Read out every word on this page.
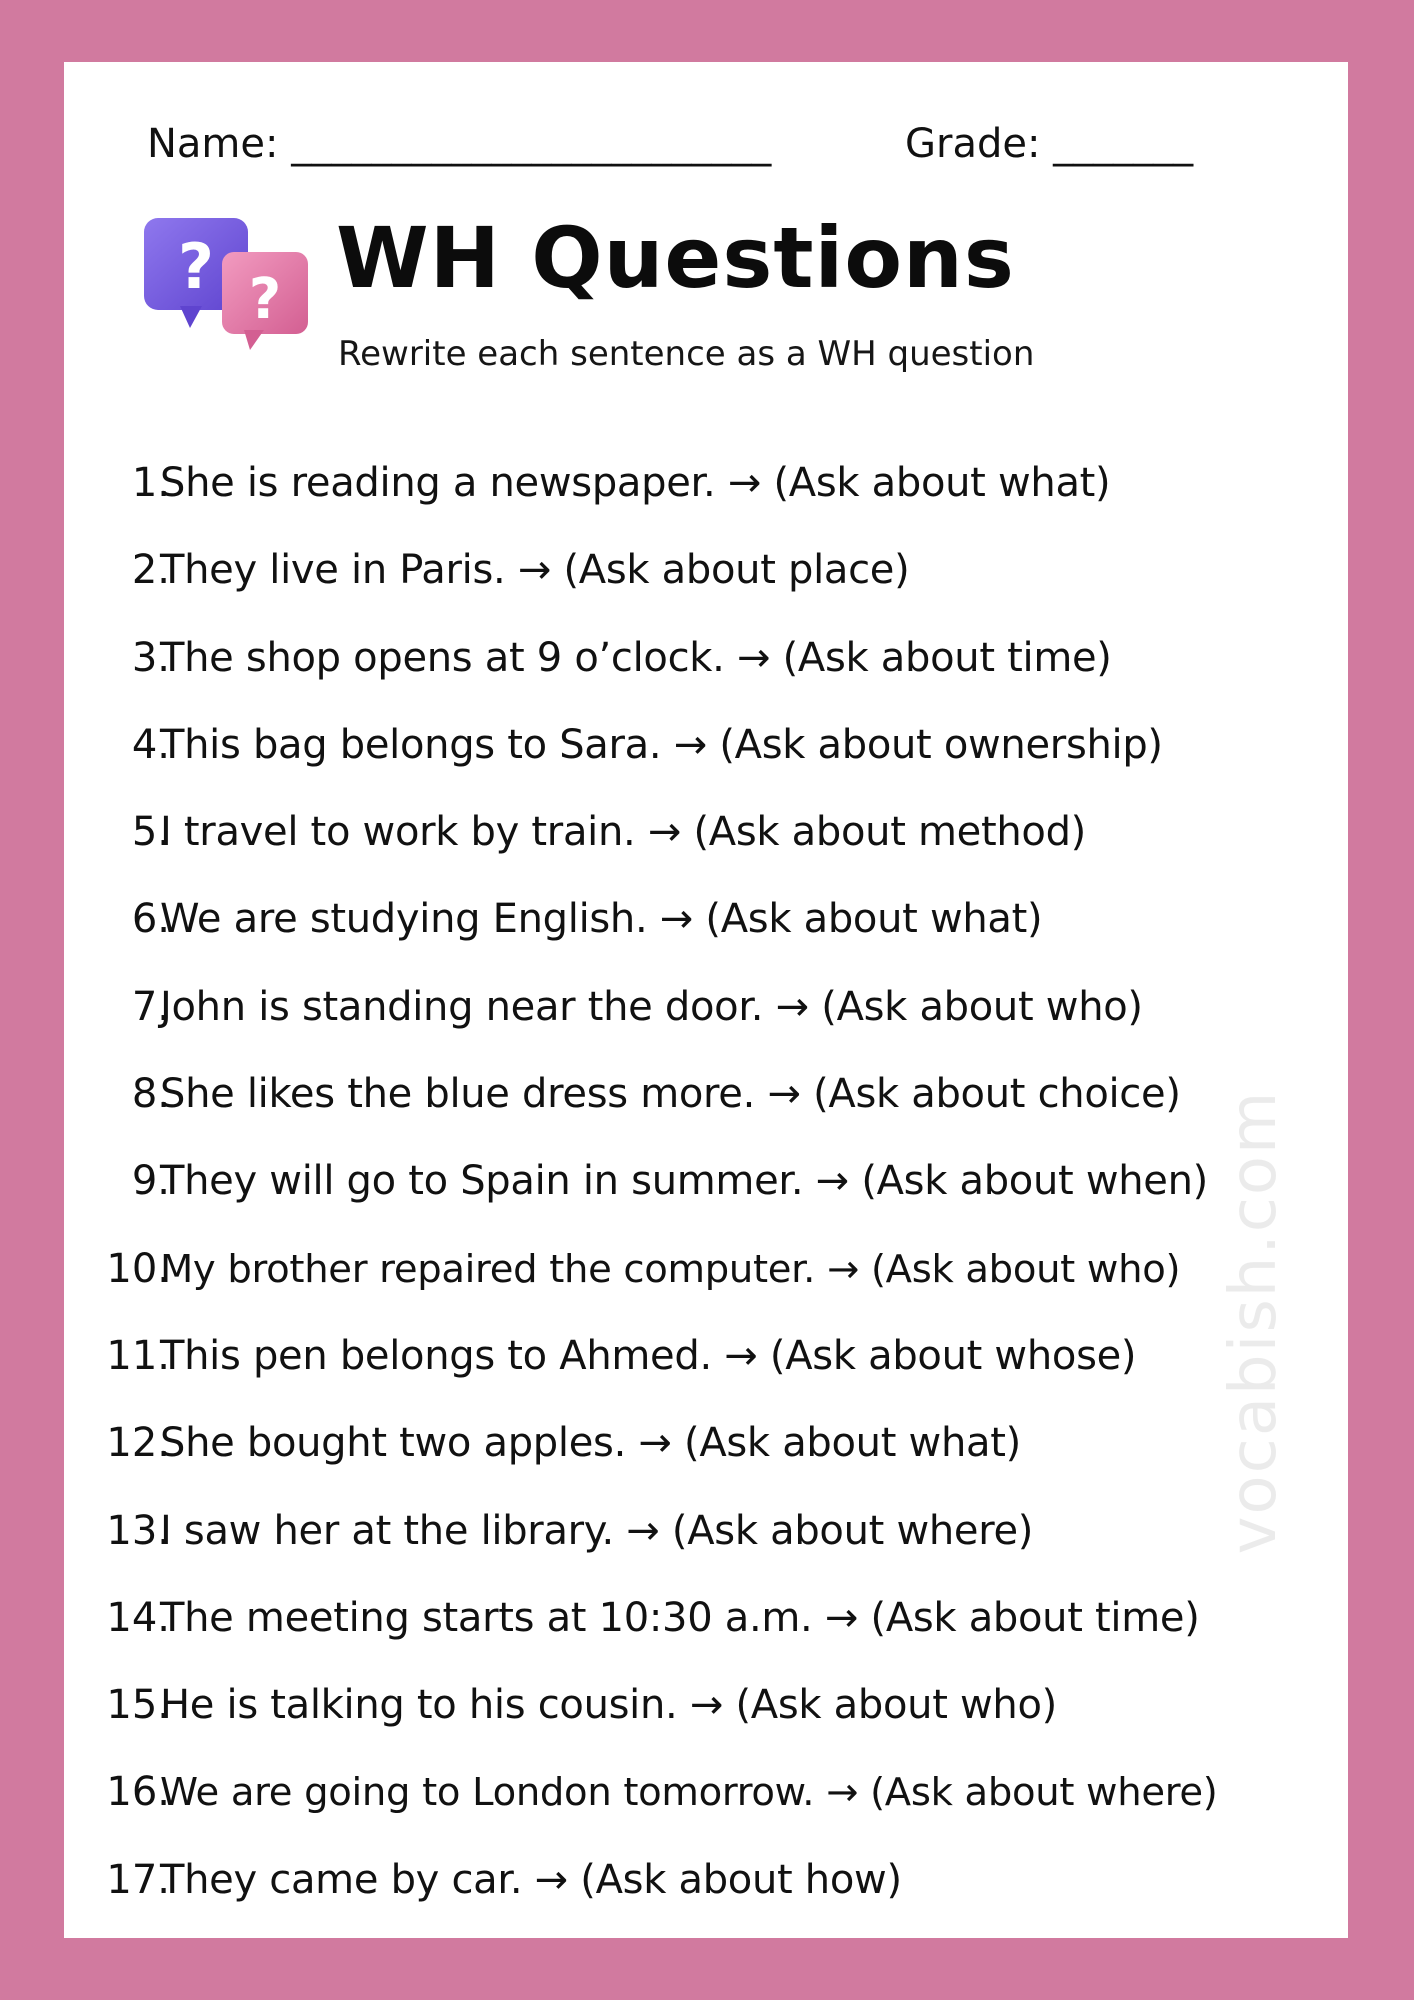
Name: ________________________	Grade: _______
? ? WH Questions
Rewrite each sentence as a WH question
1.
She is reading a newspaper. → (Ask about what)
2.
They live in Paris. → (Ask about place)
3.
The shop opens at 9 o’clock. → (Ask about time)
4.
This bag belongs to Sara. → (Ask about ownership)
5.
I travel to work by train. → (Ask about method)
6.
We are studying English. → (Ask about what)
7.
John is standing near the door. → (Ask about who)
8.
She likes the blue dress more. → (Ask about choice)
9.
They will go to Spain in summer. → (Ask about when)
10.
My brother repaired the computer. → (Ask about who)
11.
This pen belongs to Ahmed. → (Ask about whose)
12.
She bought two apples. → (Ask about what)
13.
I saw her at the library. → (Ask about where)
14.
The meeting starts at 10:30 a.m. → (Ask about time)
15.
He is talking to his cousin. → (Ask about who)
16.
We are going to London tomorrow. → (Ask about where)
17.
They came by car. → (Ask about how)
vocabish.com
